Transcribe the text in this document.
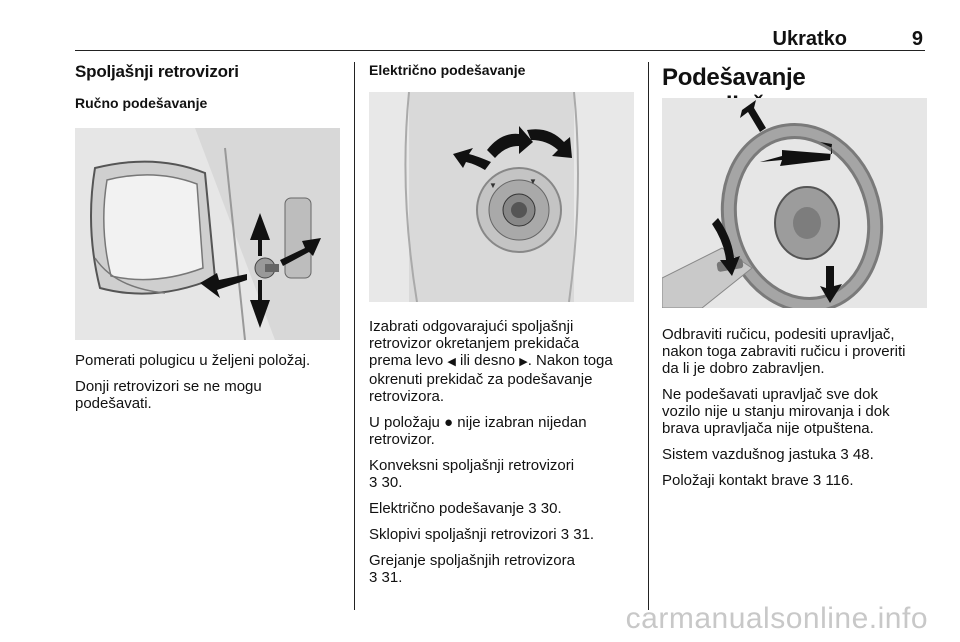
Ukratko	9
Spoljašnji retrovizori
Ručno podešavanje

Pomerati polugicu u željeni položaj.

Donji retrovizori se ne mogu

podešavati.

Električno podešavanje
▼	▼

Izabrati odgovarajući spoljašnji

retrovizor okretanjem prekidača

prema levo ◀ ili desno ▶. Nakon toga

okrenuti prekidač za podešavanje

retrovizora.

U položaju ● nije izabran nijedan

retrovizor.

Konveksni spoljašnji retrovizori

3 30.

Električno podešavanje 3 30.

Sklopivi spoljašnji retrovizori 3 31.

Grejanje spoljašnjih retrovizora

3 31.

Podešavanje

Odbraviti ručicu, podesiti upravljač,

nakon toga zabraviti ručicu i proveriti

da li je dobro zabravljen.

Ne podešavati upravljač sve dok

vozilo nije u stanju mirovanja i dok

brava upravljača nije otpuštena.

Sistem vazdušnog jastuka 3 48.

Položaji kontakt brave 3 116.

carmanualsonline.info
